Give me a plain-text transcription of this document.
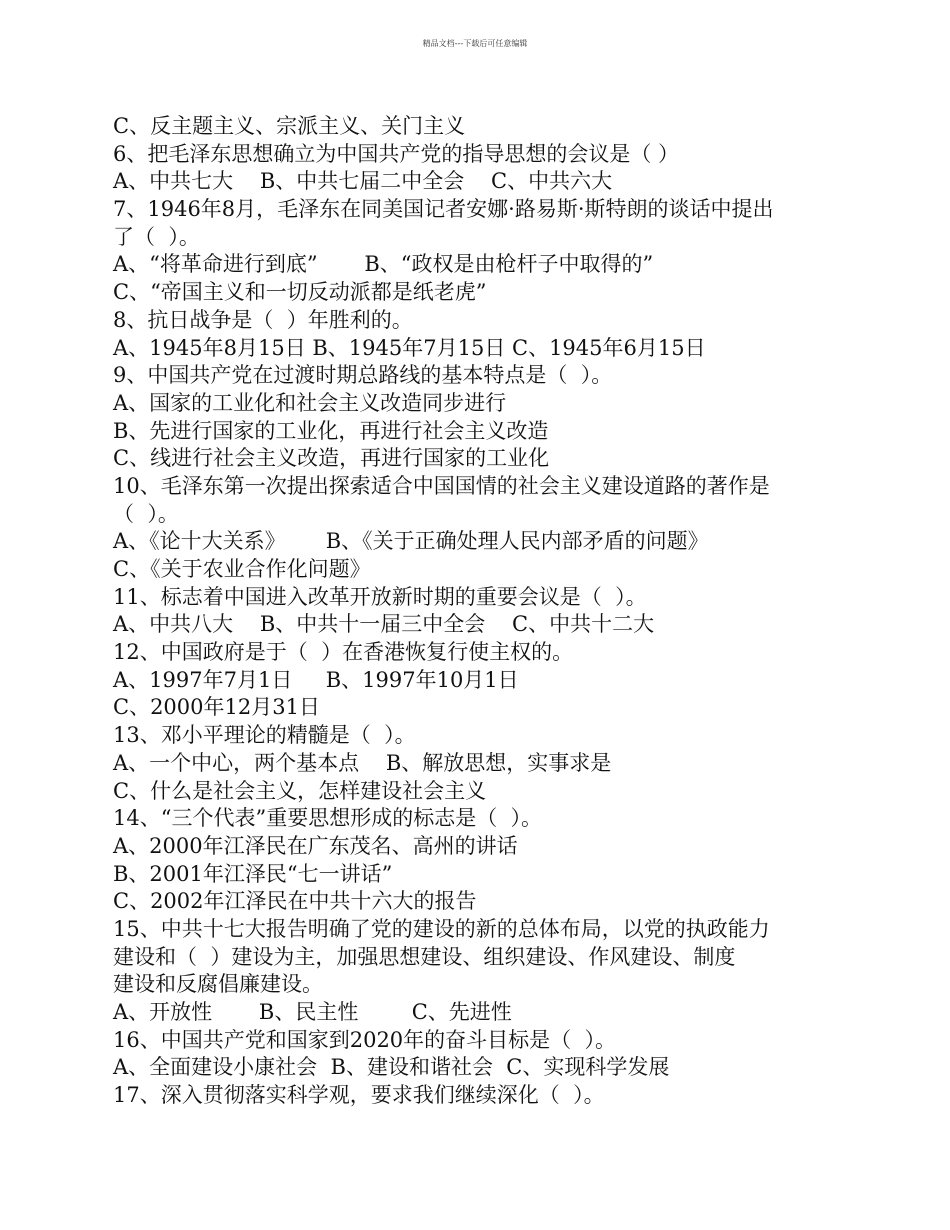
精品文档---下载后可任意编辑
C、反主题主义、宗派主义、关门主义
6、把毛泽东思想确立为中国共产党的指导思想的会议是（ ）
A、中共七大    B、中共七届二中全会    C、中共六大
7、1946年8月，毛泽东在同美国记者安娜·路易斯·斯特朗的谈话中提出
了（  ）。
A、“将革命进行到底”       B、“政权是由枪杆子中取得的”
C、“帝国主义和一切反动派都是纸老虎”
8、抗日战争是（  ）年胜利的。
A、1945年8月15日 B、1945年7月15日 C、1945年6月15日
9、中国共产党在过渡时期总路线的基本特点是（  ）。
A、国家的工业化和社会主义改造同步进行
B、先进行国家的工业化，再进行社会主义改造
C、线进行社会主义改造，再进行国家的工业化
10、毛泽东第一次提出探索适合中国国情的社会主义建设道路的著作是
（  ）。
A、《论十大关系》      B、《关于正确处理人民内部矛盾的问题》
C、《关于农业合作化问题》
11、标志着中国进入改革开放新时期的重要会议是（  ）。
A、中共八大    B、中共十一届三中全会    C、中共十二大
12、中国政府是于（  ）在香港恢复行使主权的。
A、1997年7月1日     B、1997年10月1日
C、2000年12月31日
13、邓小平理论的精髓是（  ）。
A、一个中心，两个基本点    B、解放思想，实事求是
C、什么是社会主义，怎样建设社会主义
14、“三个代表”重要思想形成的标志是（  ）。
A、2000年江泽民在广东茂名、高州的讲话
B、2001年江泽民“七一讲话”
C、2002年江泽民在中共十六大的报告
15、中共十七大报告明确了党的建设的新的总体布局，以党的执政能力
建设和（  ）建设为主，加强思想建设、组织建设、作风建设、制度
建设和反腐倡廉建设。
A、开放性       B、民主性        C、先进性
16、中国共产党和国家到2020年的奋斗目标是（  ）。
A、全面建设小康社会  B、建设和谐社会  C、实现科学发展
17、深入贯彻落实科学观，要求我们继续深化（  ）。
